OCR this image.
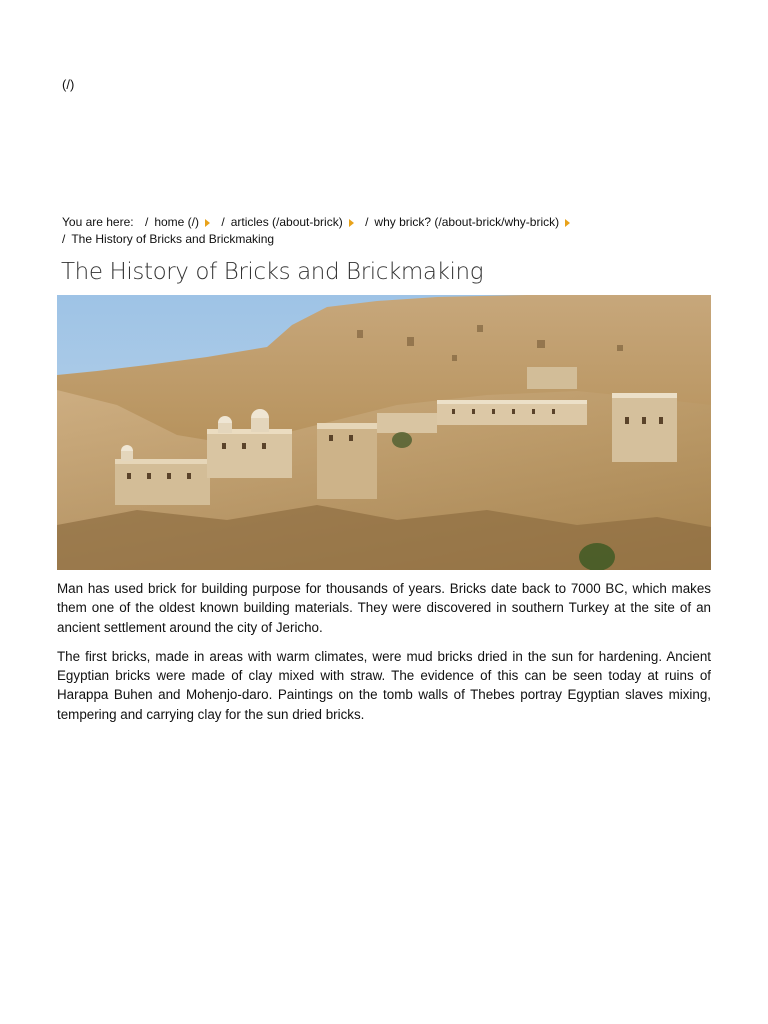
(/)
You are here: / home (/) / articles (/about-brick) / why brick? (/about-brick/why-brick)
/ The History of Bricks and Brickmaking
The History of Bricks and Brickmaking

Man has used brick for building purpose for thousands of years. Bricks date back to 7000 BC, which makes them one of the oldest known building materials. They were discovered in southern Turkey at the site of an ancient settlement around the city of Jericho.

The first bricks, made in areas with warm climates, were mud bricks dried in the sun for hardening. Ancient Egyptian bricks were made of clay mixed with straw. The evidence of this can be seen today at ruins of Harappa Buhen and Mohenjo-daro. Paintings on the tomb walls of Thebes portray Egyptian slaves mixing, tempering and carrying clay for the sun dried bricks.
